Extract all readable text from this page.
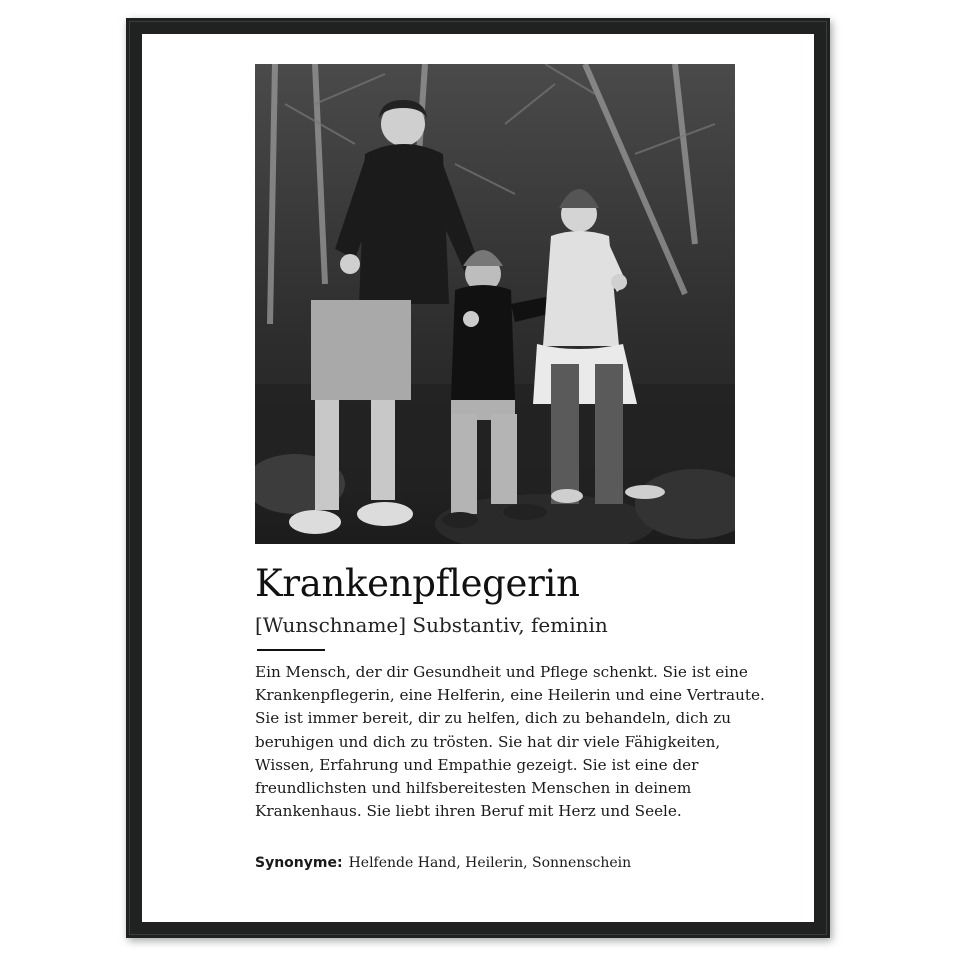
Krankenpflegerin

[Wunschname] Substantiv, feminin

Ein Mensch, der dir Gesundheit und Pflege schenkt. Sie ist eine Krankenpflegerin, eine Helferin, eine Heilerin und eine Vertraute. Sie ist immer bereit, dir zu helfen, dich zu behandeln, dich zu beruhigen und dich zu trösten. Sie hat dir viele Fähigkeiten, Wissen, Erfahrung und Empathie gezeigt. Sie ist eine der freundlichsten und hilfsbereitesten Menschen in deinem Krankenhaus. Sie liebt ihren Beruf mit Herz und Seele.

Synonyme: Helfende Hand, Heilerin, Sonnenschein
